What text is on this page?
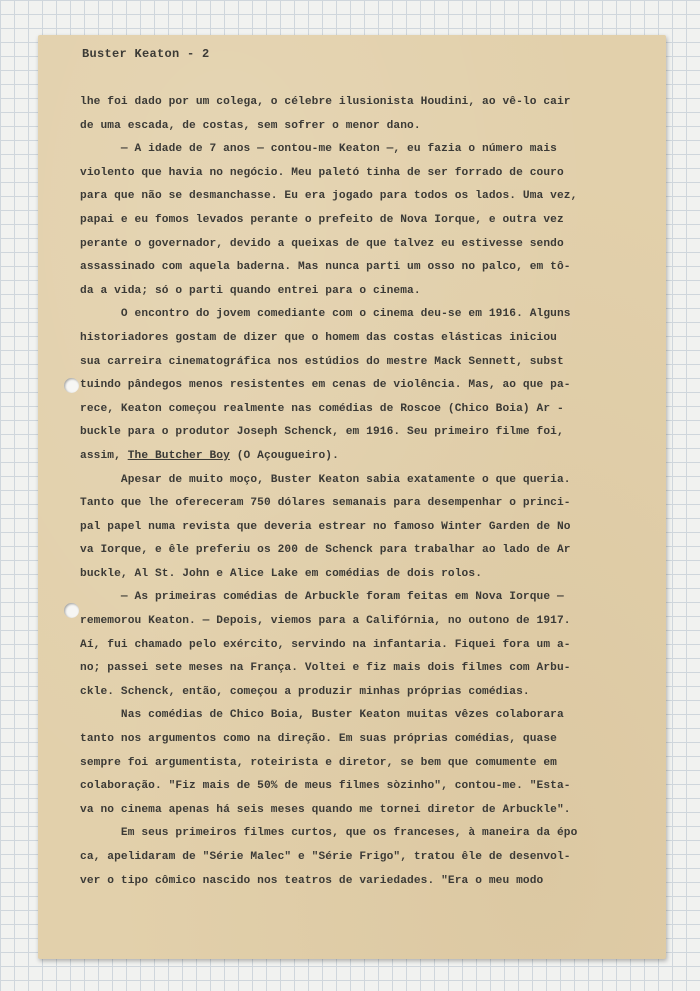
Buster Keaton - 2
lhe foi dado por um colega, o célebre ilusionista Houdini, ao vê-lo cair
de uma escada, de costas, sem sofrer o menor dano.
— A idade de 7 anos — contou-me Keaton —, eu fazia o número mais
violento que havia no negócio. Meu paletó tinha de ser forrado de couro
para que não se desmanchasse. Eu era jogado para todos os lados. Uma vez,
papai e eu fomos levados perante o prefeito de Nova Iorque, e outra vez
perante o governador, devido a queixas de que talvez eu estivesse sendo
assassinado com aquela baderna. Mas nunca parti um osso no palco, em tô-
da a vida; só o parti quando entrei para o cinema.
O encontro do jovem comediante com o cinema deu-se em 1916. Alguns
historiadores gostam de dizer que o homem das costas elásticas iniciou
sua carreira cinematográfica nos estúdios do mestre Mack Sennett, subst
tuindo pândegos menos resistentes em cenas de violência. Mas, ao que pa-
rece, Keaton começou realmente nas comédias de Roscoe (Chico Boia) Ar -
buckle para o produtor Joseph Schenck, em 1916. Seu primeiro filme foi,
assim, The Butcher Boy (O Açougueiro).
Apesar de muito moço, Buster Keaton sabia exatamente o que queria.
Tanto que lhe ofereceram 750 dólares semanais para desempenhar o princi-
pal papel numa revista que deveria estrear no famoso Winter Garden de No
va Iorque, e êle preferiu os 200 de Schenck para trabalhar ao lado de Ar
buckle, Al St. John e Alice Lake em comédias de dois rolos.
— As primeiras comédias de Arbuckle foram feitas em Nova Iorque —
rememorou Keaton. — Depois, viemos para a Califórnia, no outono de 1917.
Aí, fui chamado pelo exército, servindo na infantaria. Fiquei fora um a-
no; passei sete meses na França. Voltei e fiz mais dois filmes com Arbu-
ckle. Schenck, então, começou a produzir minhas próprias comédias.
Nas comédias de Chico Boia, Buster Keaton muitas vêzes colaborara
tanto nos argumentos como na direção. Em suas próprias comédias, quase
sempre foi argumentista, roteirista e diretor, se bem que comumente em
colaboração. "Fiz mais de 50% de meus filmes sòzinho", contou-me. "Esta-
va no cinema apenas há seis meses quando me tornei diretor de Arbuckle".
Em seus primeiros filmes curtos, que os franceses, à maneira da épo
ca, apelidaram de "Série Malec" e "Série Frigo", tratou êle de desenvol-
ver o tipo cômico nascido nos teatros de variedades. "Era o meu modo
